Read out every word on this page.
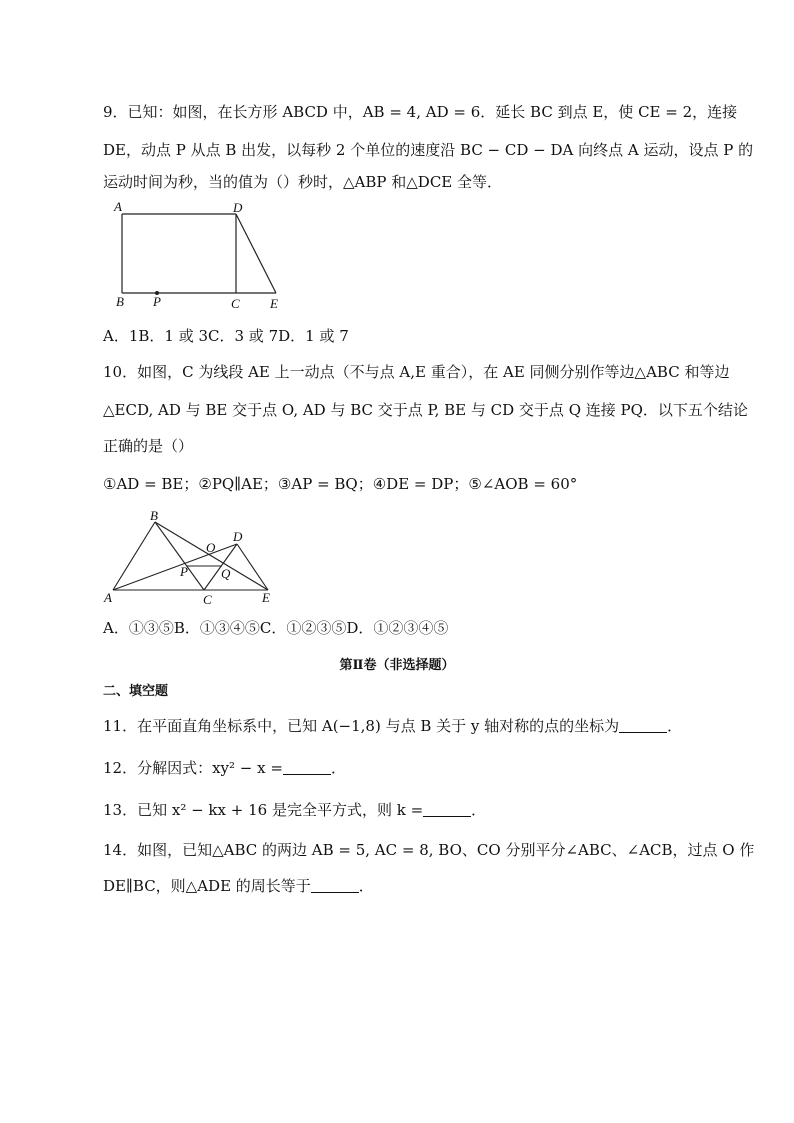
9．已知：如图，在长方形 ABCD 中，AB = 4, AD = 6．延长 BC 到点 E，使 CE = 2，连接
DE，动点 P 从点 B 出发，以每秒 2 个单位的速度沿 BC − CD − DA 向终点 A 运动，设点 P 的
运动时间为秒，当的值为（）秒时，△ABP 和△DCE 全等．
A	D
B P	C E
A．1B．1 或 3C．3 或 7D．1 或 7
10．如图，C 为线段 AE 上一动点（不与点 A,E 重合），在 AE 同侧分别作等边△ABC 和等边
△ECD, AD 与 BE 交于点 O, AD 与 BC 交于点 P, BE 与 CD 交于点 Q 连接 PQ．以下五个结论
正确的是（）
①AD = BE；②PQ∥AE；③AP = BQ；④DE = DP；⑤∠AOB = 60°
B
O
D
P	Q
A	C	E
A．①③⑤B．①③④⑤C．①②③⑤D．①②③④⑤
第Ⅱ卷（非选择题）
二、填空题
11．在平面直角坐标系中，已知 A(−1,8) 与点 B 关于 y 轴对称的点的坐标为	．
12．分解因式：xy² − x =	．
13．已知 x² − kx + 16 是完全平方式，则 k =	．
14．如图，已知△ABC 的两边 AB = 5, AC = 8, BO、CO 分别平分∠ABC、∠ACB，过点 O 作
DE∥BC，则△ADE 的周长等于	．
